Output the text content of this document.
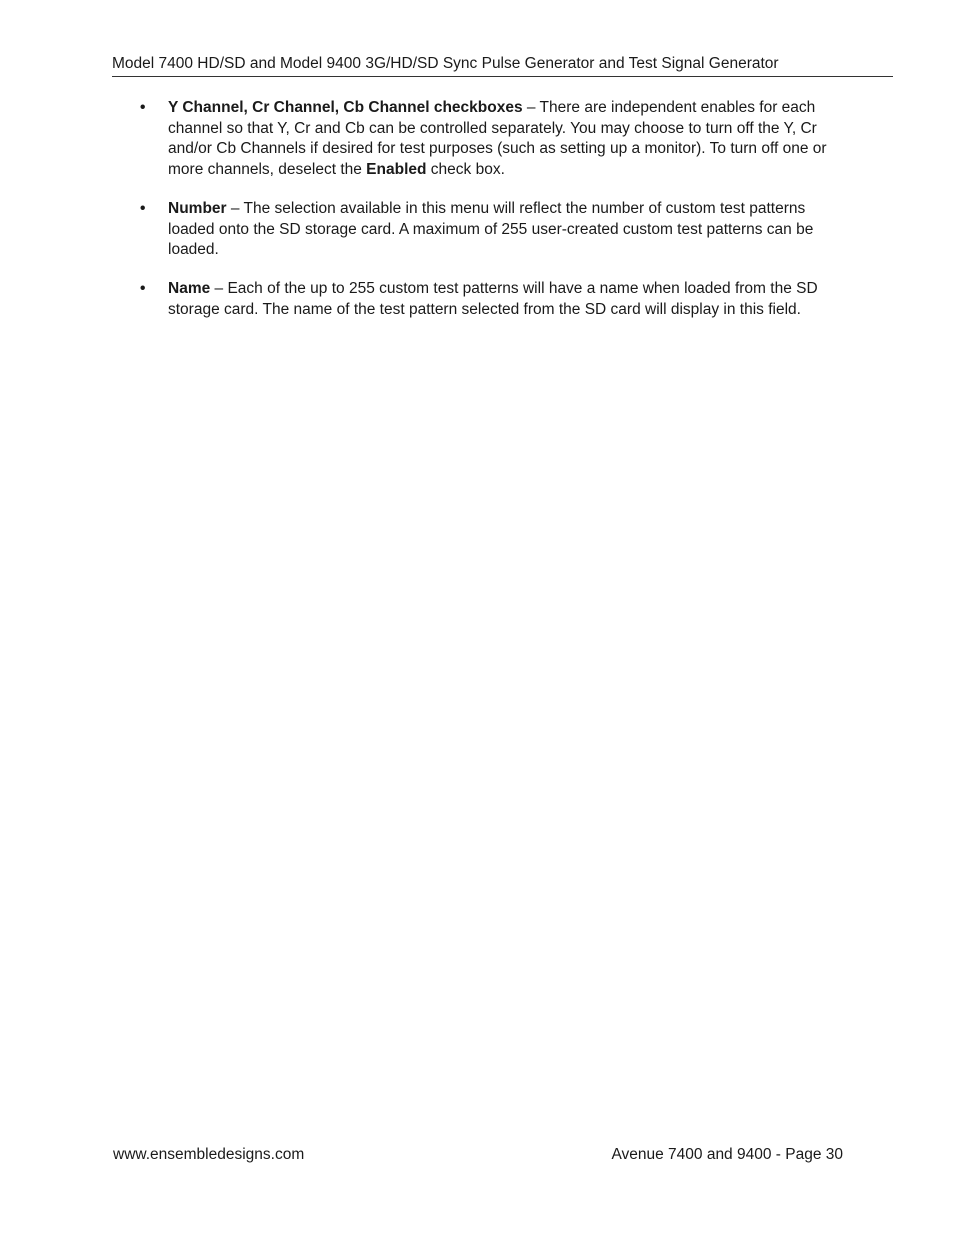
Model 7400 HD/SD and Model 9400 3G/HD/SD Sync Pulse Generator and Test Signal Generator
• Y Channel, Cr Channel, Cb Channel checkboxes – There are independent enables for each channel so that Y, Cr and Cb can be controlled separately. You may choose to turn off the Y, Cr and/or Cb Channels if desired for test purposes (such as setting up a monitor). To turn off one or more channels, deselect the Enabled check box.
• Number – The selection available in this menu will reflect the number of custom test patterns loaded onto the SD storage card. A maximum of 255 user-created custom test patterns can be loaded.
• Name – Each of the up to 255 custom test patterns will have a name when loaded from the SD storage card. The name of the test pattern selected from the SD card will display in this field.
www.ensembledesigns.com	Avenue 7400 and 9400 - Page 30
